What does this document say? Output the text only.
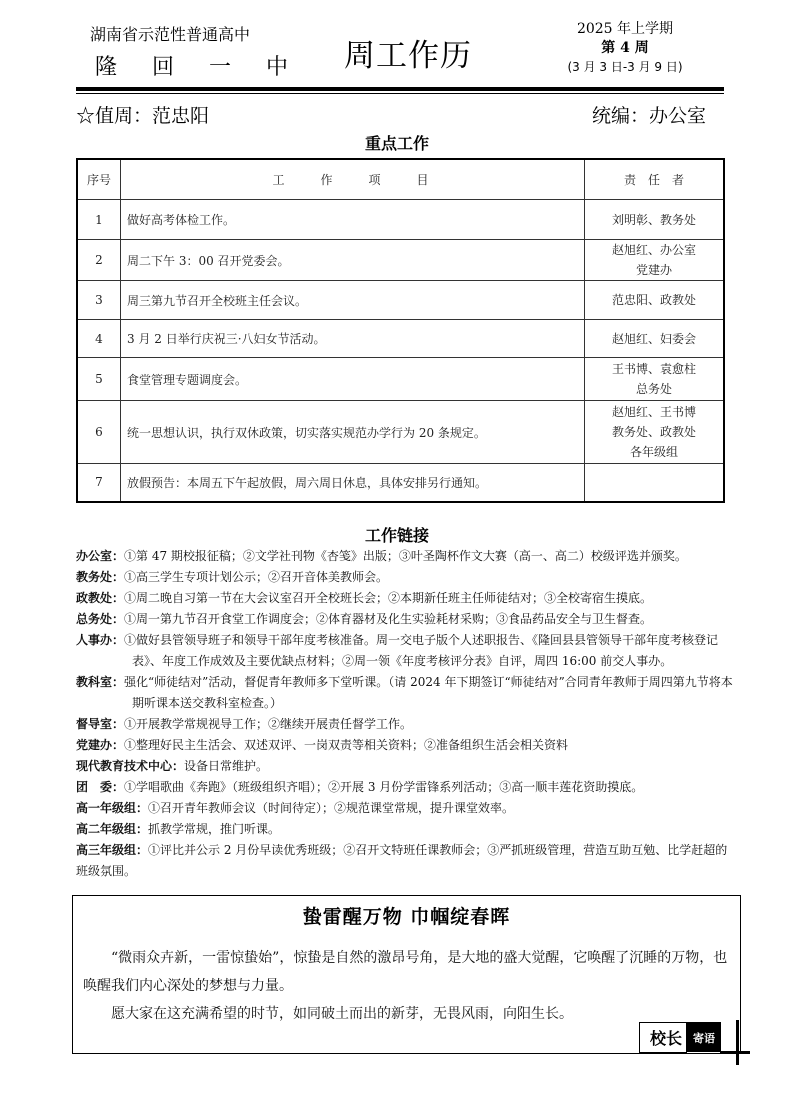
湖南省示范性普通高中
隆 回 一 中 周工作历
2025 年上学期
第 4 周
(3 月 3 日-3 月 9 日)
☆值周：范忠阳	统编：办公室
重点工作
序号	工　　作　　项　　目	责　任　者
1	做好高考体检工作。	刘明彰、教务处

2	周二下午 3：00 召开党委会。	赵旭红、办公室
党建办

3	周三第九节召开全校班主任会议。	范忠阳、政教处

4	3 月 2 日举行庆祝三·八妇女节活动。	赵旭红、妇委会

5	食堂管理专题调度会。	王书博、袁愈柱
总务处

6	统一思想认识，执行双休政策，切实落实规范办学行为 20 条规定。	赵旭红、王书博
教务处、政教处
各年级组

7	放假预告：本周五下午起放假，周六周日休息，具体安排另行通知。	
工作链接
办公室：①第 47 期校报征稿；②文学社刊物《杏笺》出版；③叶圣陶杯作文大赛（高一、高二）校级评选并颁奖。
教务处：①高三学生专项计划公示；②召开音体美教师会。
政教处：①周二晚自习第一节在大会议室召开全校班长会；②本期新任班主任师徒结对；③全校寄宿生摸底。
总务处：①周一第九节召开食堂工作调度会；②体育器材及化生实验耗材采购；③食品药品安全与卫生督查。
人事办：①做好县管领导班子和领导干部年度考核准备。周一交电子版个人述职报告、《隆回县县管领导干部年度考核登记表》、年度工作成效及主要优缺点材料；②周一领《年度考核评分表》自评，周四 16:00 前交人事办。
教科室：强化“师徒结对”活动，督促青年教师多下堂听课。（请 2024 年下期签订“师徒结对”合同青年教师于周四第九节将本期听课本送交教科室检查。）
督导室：①开展教学常规视导工作；②继续开展责任督学工作。
党建办：①整理好民主生活会、双述双评、一岗双责等相关资料；②准备组织生活会相关资料
现代教育技术中心：设备日常维护。
团　委：①学唱歌曲《奔跑》（班级组织齐唱）；②开展 3 月份学雷锋系列活动；③高一顺丰莲花资助摸底。
高一年级组：①召开青年教师会议（时间待定）；②规范课堂常规，提升课堂效率。
高二年级组：抓教学常规，推门听课。
高三年级组：①评比并公示 2 月份早读优秀班级；②召开文特班任课教师会；③严抓班级管理，营造互助互勉、比学赶超的班级氛围。
蛰雷醒万物 巾帼绽春晖

“微雨众卉新，一雷惊蛰始”，惊蛰是自然的激昂号角，是大地的盛大觉醒，它唤醒了沉睡的万物，也唤醒我们内心深处的梦想与力量。

愿大家在这充满希望的时节，如同破土而出的新芽，无畏风雨，向阳生长。

校长	寄语
